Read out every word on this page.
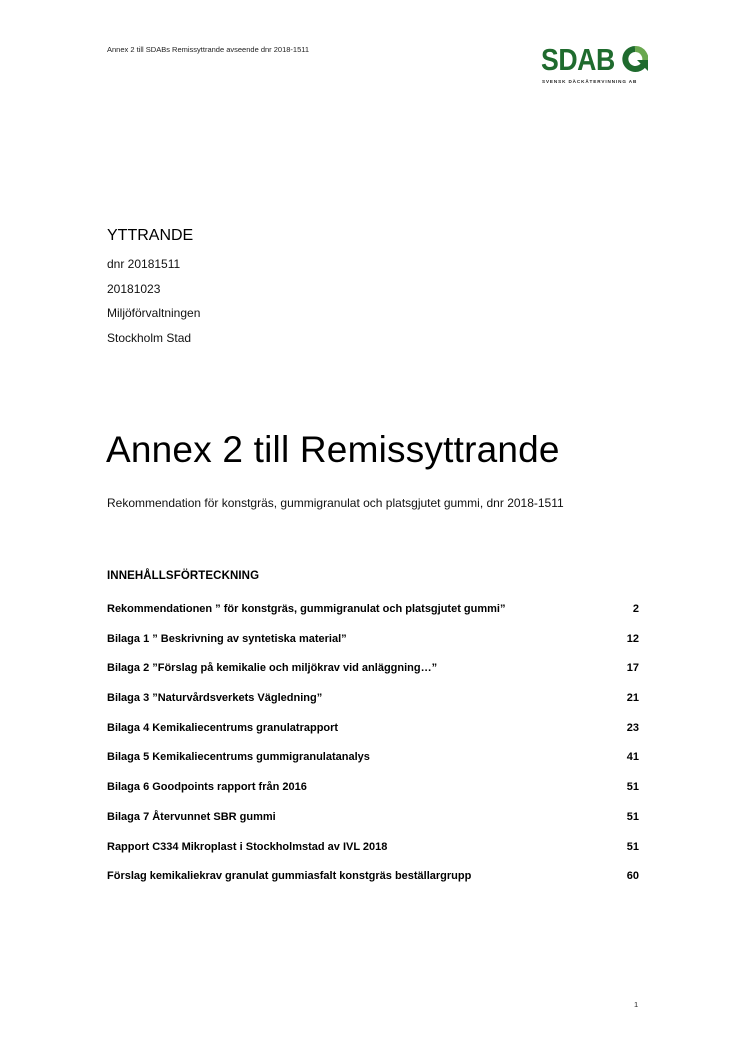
Annex 2 till SDABs Remissyttrande avseende dnr 2018-1511	SDAB
SVENSK DÄCKÅTERVINNING AB
YTTRANDE
dnr 20181511
20181023
Miljöförvaltningen
Stockholm Stad
Annex 2 till Remissyttrande
Rekommendation för konstgräs, gummigranulat och platsgjutet gummi, dnr 2018-1511
INNEHÅLLSFÖRTECKNING
Rekommendationen ” för konstgräs, gummigranulat och platsgjutet gummi”	2
Bilaga 1 ” Beskrivning av syntetiska material”	12
Bilaga 2 ”Förslag på kemikalie och miljökrav vid anläggning…”	17
Bilaga 3 ”Naturvårdsverkets Vägledning”	21
Bilaga 4 Kemikaliecentrums granulatrapport	23
Bilaga 5 Kemikaliecentrums gummigranulatanalys	41
Bilaga 6 Goodpoints rapport från 2016	51
Bilaga 7 Återvunnet SBR gummi	51
Rapport C334 Mikroplast i Stockholmstad av IVL 2018	51
Förslag kemikaliekrav granulat gummiasfalt konstgräs beställargrupp	60
1
